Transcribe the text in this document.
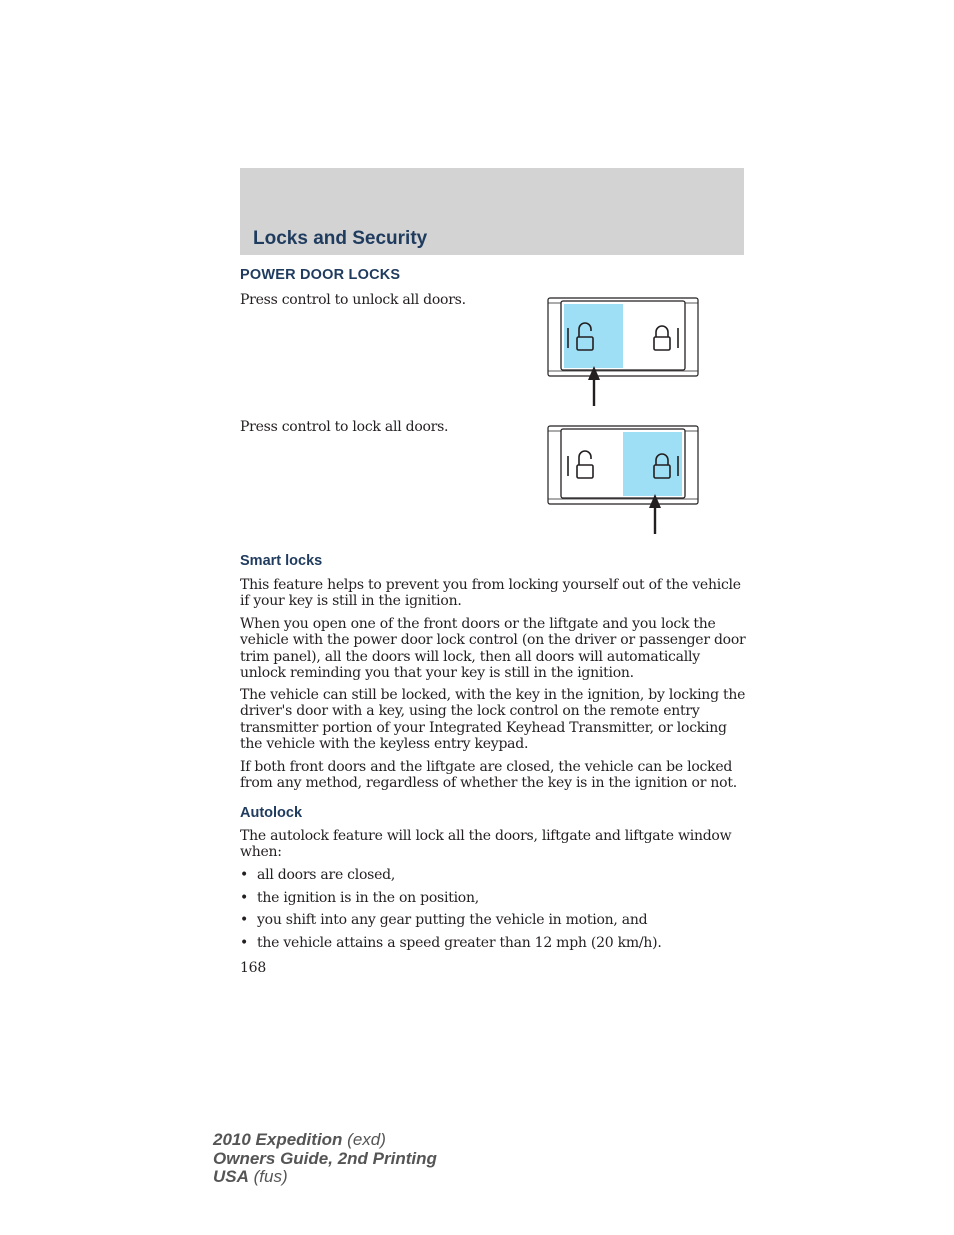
Locks and Security
POWER DOOR LOCKS

Press control to unlock all doors.

Press control to lock all doors.

Smart locks

This feature helps to prevent you from locking yourself out of the vehicle if your key is still in the ignition.

When you open one of the front doors or the liftgate and you lock the vehicle with the power door lock control (on the driver or passenger door trim panel), all the doors will lock, then all doors will automatically unlock reminding you that your key is still in the ignition.

The vehicle can still be locked, with the key in the ignition, by locking the driver's door with a key, using the lock control on the remote entry transmitter portion of your Integrated Keyhead Transmitter, or locking the vehicle with the keyless entry keypad.

If both front doors and the liftgate are closed, the vehicle can be locked from any method, regardless of whether the key is in the ignition or not.

Autolock

The autolock feature will lock all the doors, liftgate and liftgate window when:

• all doors are closed,

• the ignition is in the on position,

• you shift into any gear putting the vehicle in motion, and

• the vehicle attains a speed greater than 12 mph (20 km/h).

168

2010 Expedition (exd)
Owners Guide, 2nd Printing
USA (fus)
